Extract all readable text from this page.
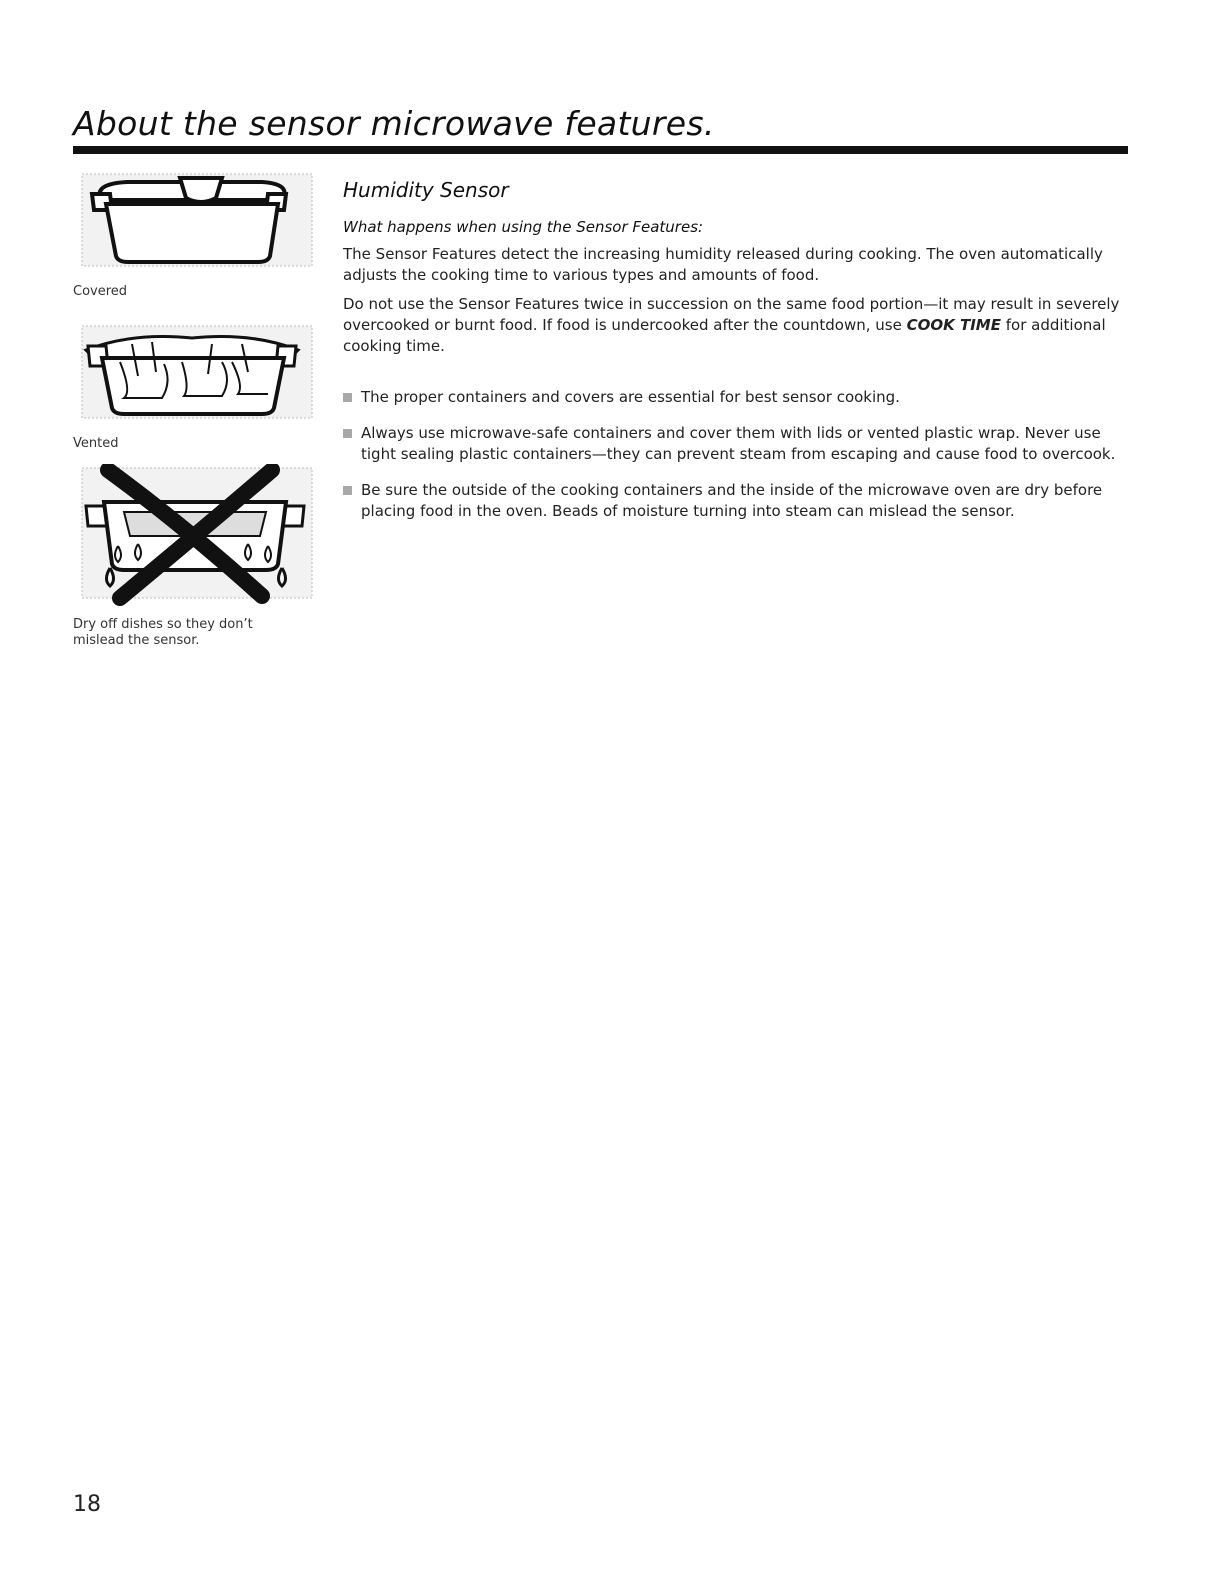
About the sensor microwave features.
Covered
Vented
Dry off dishes so they don’t mislead the sensor.
Humidity Sensor

What happens when using the Sensor Features:

The Sensor Features detect the increasing humidity released during cooking. The oven automatically adjusts the cooking time to various types and amounts of food.

Do not use the Sensor Features twice in succession on the same food portion—it may result in severely overcooked or burnt food. If food is undercooked after the countdown, use COOK TIME for additional cooking time.

The proper containers and covers are essential for best sensor cooking.
Always use microwave-safe containers and cover them with lids or vented plastic wrap. Never use tight sealing plastic containers—they can prevent steam from escaping and cause food to overcook.
Be sure the outside of the cooking containers and the inside of the microwave oven are dry before placing food in the oven. Beads of moisture turning into steam can mislead the sensor.
18
